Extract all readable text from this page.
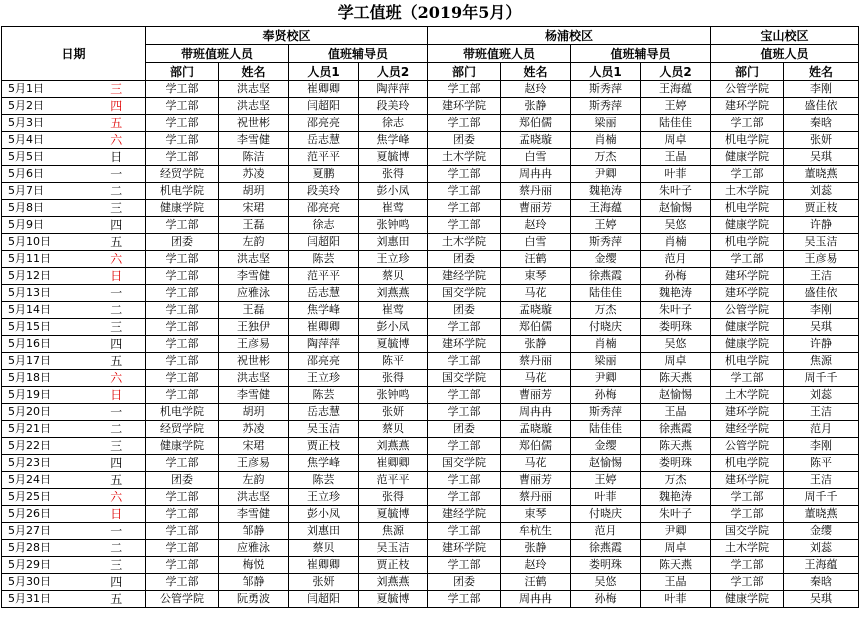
学工值班（2019年5月）
日期		奉贤校区				杨浦校区				宝山校区	
		带班值班人员		值班辅导员		带班值班人员		值班辅导员		值班人员	
		部门	姓名	人员1	人员2	部门	姓名	人员1	人员2	部门	姓名
5月1日	三	学工部	洪志坚	崔卿卿	陶萍萍	学工部	赵玲	斯秀萍	王海蕴	公管学院	李刚
5月2日	四	学工部	洪志坚	闫超阳	段美玲	建环学院	张静	斯秀萍	王婷	建环学院	盛佳依
5月3日	五	学工部	祝世彬	邵亮亮	徐志	学工部	郑伯儒	梁丽	陆佳佳	学工部	秦晗
5月4日	六	学工部	李雪健	岳志慧	焦学峰	团委	孟晓璇	肖楠	周卓	机电学院	张妍
5月5日	日	学工部	陈洁	范平平	夏毓博	土木学院	白雪	万杰	王晶	健康学院	吴琪
5月6日	一	经贸学院	苏凌	夏鹏	张得	学工部	周冉冉	尹卿	叶菲	学工部	董晓燕
5月7日	二	机电学院	胡玥	段美玲	彭小凤	学工部	蔡丹丽	魏艳涛	朱叶子	土木学院	刘蕊
5月8日	三	健康学院	宋珺	邵亮亮	崔莺	学工部	曹丽芳	王海蕴	赵愉惕	机电学院	贾正枝
5月9日	四	学工部	王磊	徐志	张钟鸣	学工部	赵玲	王婷	吴悠	健康学院	许静
5月10日	五	团委	左韵	闫超阳	刘惠田	土木学院	白雪	斯秀萍	肖楠	机电学院	吴玉洁
5月11日	六	学工部	洪志坚	陈芸	王立珍	团委	汪鹤	金缨	范月	学工部	王彦易
5月12日	日	学工部	李雪健	范平平	蔡贝	建经学院	束琴	徐燕霞	孙梅	建环学院	王洁
5月13日	一	学工部	应雅泳	岳志慧	刘燕燕	国交学院	马花	陆佳佳	魏艳涛	建环学院	盛佳依
5月14日	二	学工部	王磊	焦学峰	崔莺	团委	孟晓璇	万杰	朱叶子	公管学院	李刚
5月15日	三	学工部	王独伊	崔卿卿	彭小凤	学工部	郑伯儒	付晓庆	娄明珠	健康学院	吴琪
5月16日	四	学工部	王彦易	陶萍萍	夏毓博	建环学院	张静	肖楠	吴悠	健康学院	许静
5月17日	五	学工部	祝世彬	邵亮亮	陈平	学工部	蔡丹丽	梁丽	周卓	机电学院	焦源
5月18日	六	学工部	洪志坚	王立珍	张得	国交学院	马花	尹卿	陈天燕	学工部	周千千
5月19日	日	学工部	李雪健	陈芸	张钟鸣	学工部	曹丽芳	孙梅	赵愉惕	土木学院	刘蕊
5月20日	一	机电学院	胡玥	岳志慧	张妍	学工部	周冉冉	斯秀萍	王晶	建环学院	王洁
5月21日	二	经贸学院	苏凌	吴玉洁	蔡贝	团委	孟晓璇	陆佳佳	徐燕霞	建经学院	范月
5月22日	三	健康学院	宋珺	贾正枝	刘燕燕	学工部	郑伯儒	金缨	陈天燕	公管学院	李刚
5月23日	四	学工部	王彦易	焦学峰	崔卿卿	国交学院	马花	赵愉惕	娄明珠	机电学院	陈平
5月24日	五	团委	左韵	陈芸	范平平	学工部	曹丽芳	王婷	万杰	建环学院	王洁
5月25日	六	学工部	洪志坚	王立珍	张得	学工部	蔡丹丽	叶菲	魏艳涛	学工部	周千千
5月26日	日	学工部	李雪健	彭小凤	夏毓博	建经学院	束琴	付晓庆	朱叶子	学工部	董晓燕
5月27日	一	学工部	邹静	刘惠田	焦源	学工部	牟杭生	范月	尹卿	国交学院	金缨
5月28日	二	学工部	应雅泳	蔡贝	吴玉洁	建环学院	张静	徐燕霞	周卓	土木学院	刘蕊
5月29日	三	学工部	梅悦	崔卿卿	贾正枝	学工部	赵玲	娄明珠	陈天燕	学工部	王海蕴
5月30日	四	学工部	邹静	张妍	刘燕燕	团委	汪鹤	吴悠	王晶	学工部	秦晗
5月31日	五	公管学院	阮勇波	闫超阳	夏毓博	学工部	周冉冉	孙梅	叶菲	健康学院	吴琪
